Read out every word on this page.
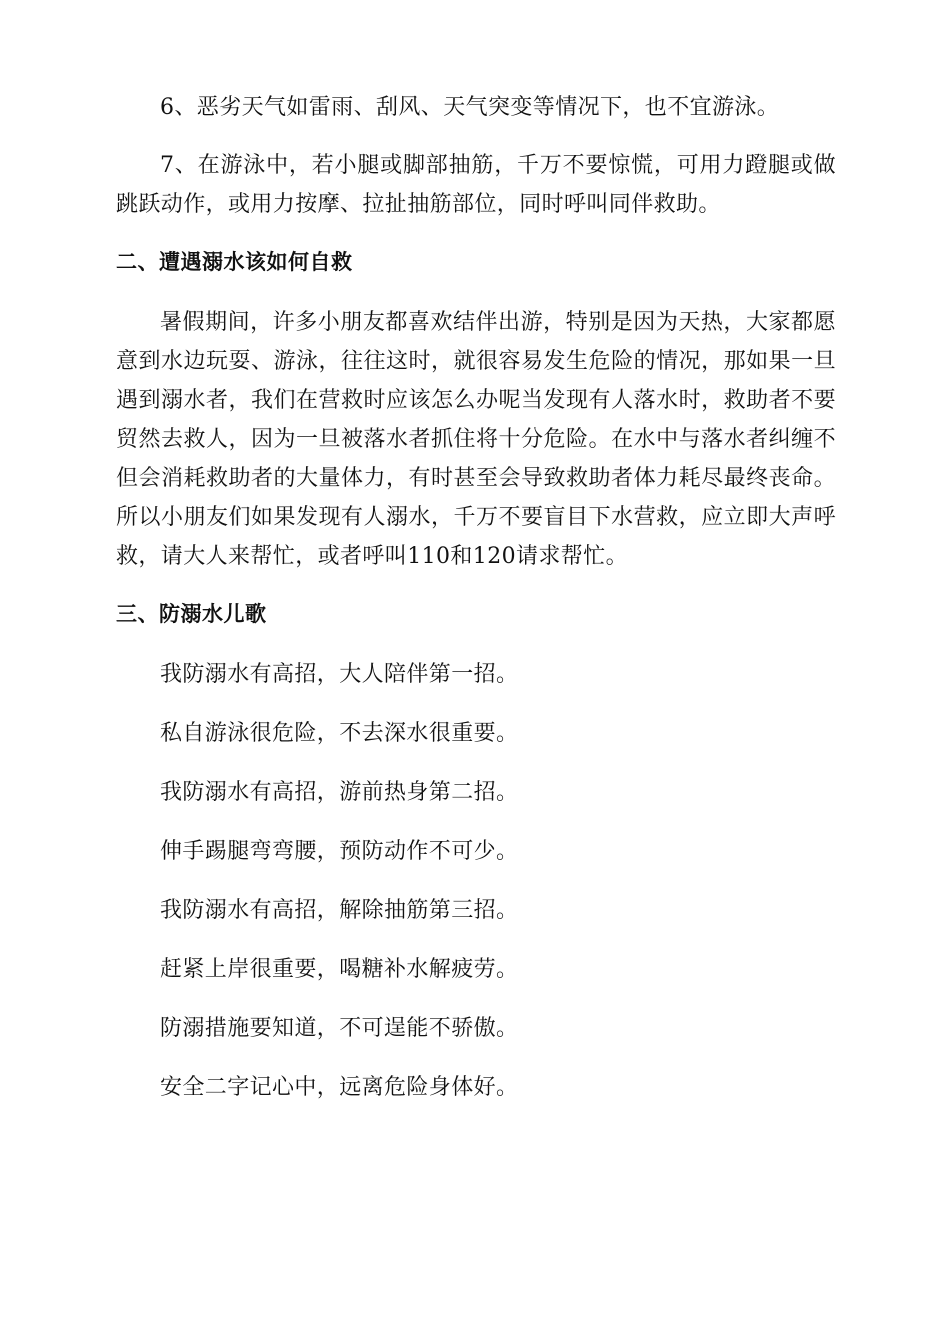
6、恶劣天气如雷雨、刮风、天气突变等情况下，也不宜游泳。

7、在游泳中，若小腿或脚部抽筋，千万不要惊慌，可用力蹬腿或做跳跃动作，或用力按摩、拉扯抽筋部位，同时呼叫同伴救助。

二、遭遇溺水该如何自救

暑假期间，许多小朋友都喜欢结伴出游，特别是因为天热，大家都愿意到水边玩耍、游泳，往往这时，就很容易发生危险的情况，那如果一旦遇到溺水者，我们在营救时应该怎么办呢当发现有人落水时，救助者不要贸然去救人，因为一旦被落水者抓住将十分危险。在水中与落水者纠缠不但会消耗救助者的大量体力，有时甚至会导致救助者体力耗尽最终丧命。所以小朋友们如果发现有人溺水，千万不要盲目下水营救，应立即大声呼救，请大人来帮忙，或者呼叫110和120请求帮忙。

三、防溺水儿歌

我防溺水有高招，大人陪伴第一招。

私自游泳很危险，不去深水很重要。

我防溺水有高招，游前热身第二招。

伸手踢腿弯弯腰，预防动作不可少。

我防溺水有高招，解除抽筋第三招。

赶紧上岸很重要，喝糖补水解疲劳。

防溺措施要知道，不可逞能不骄傲。

安全二字记心中，远离危险身体好。
